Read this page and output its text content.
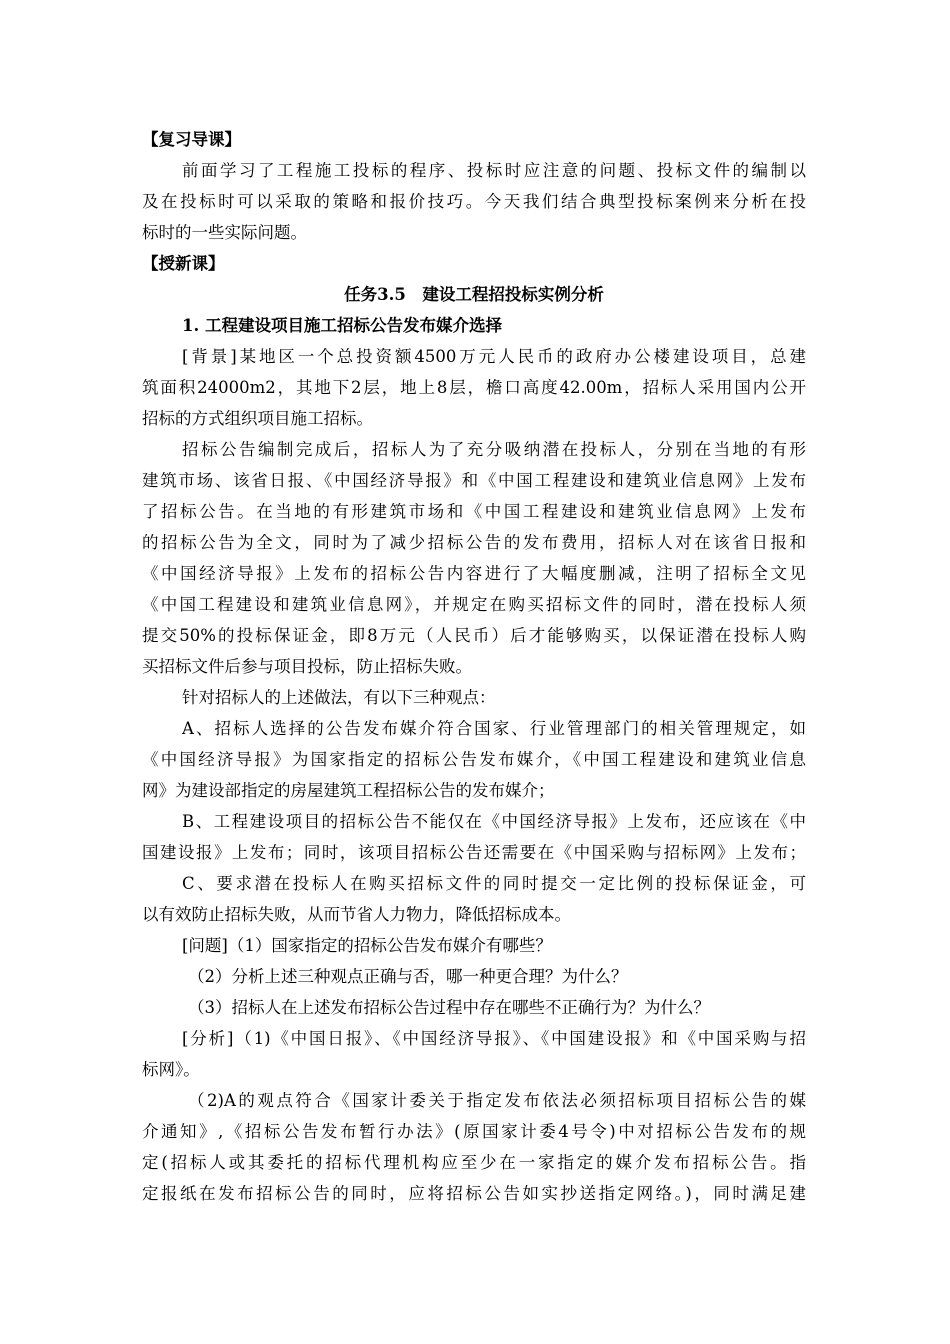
【复习导课】
前面学习了工程施工投标的程序、投标时应注意的问题、投标文件的编制以
及在投标时可以采取的策略和报价技巧。今天我们结合典型投标案例来分析在投
标时的一些实际问题。
【授新课】
任务3.5　建设工程招投标实例分析
1. 工程建设项目施工招标公告发布媒介选择
[背景]某地区一个总投资额4500万元人民币的政府办公楼建设项目，总建
筑面积24000m2，其地下2层，地上8层，檐口高度42.00m，招标人采用国内公开
招标的方式组织项目施工招标。
招标公告编制完成后，招标人为了充分吸纳潜在投标人，分别在当地的有形
建筑市场、该省日报、《中国经济导报》和《中国工程建设和建筑业信息网》上发布
了招标公告。在当地的有形建筑市场和《中国工程建设和建筑业信息网》上发布
的招标公告为全文，同时为了减少招标公告的发布费用，招标人对在该省日报和
《中国经济导报》上发布的招标公告内容进行了大幅度删减，注明了招标全文见
《中国工程建设和建筑业信息网》，并规定在购买招标文件的同时，潜在投标人须
提交50%的投标保证金，即8万元（人民币）后才能够购买，以保证潜在投标人购
买招标文件后参与项目投标，防止招标失败。
针对招标人的上述做法，有以下三种观点：
A、招标人选择的公告发布媒介符合国家、行业管理部门的相关管理规定，如
《中国经济导报》为国家指定的招标公告发布媒介，《中国工程建设和建筑业信息
网》为建设部指定的房屋建筑工程招标公告的发布媒介；
B、工程建设项目的招标公告不能仅在《中国经济导报》上发布，还应该在《中
国建设报》上发布；同时，该项目招标公告还需要在《中国采购与招标网》上发布；
C、要求潜在投标人在购买招标文件的同时提交一定比例的投标保证金，可
以有效防止招标失败，从而节省人力物力，降低招标成本。
[问题]（1）国家指定的招标公告发布媒介有哪些？
（2）分析上述三种观点正确与否，哪一种更合理？为什么？
（3）招标人在上述发布招标公告过程中存在哪些不正确行为？为什么？
[分析]（1)《中国日报》、《中国经济导报》、《中国建设报》和《中国采购与招
标网》。
（2)A的观点符合《国家计委关于指定发布依法必须招标项目招标公告的媒
介通知》,《招标公告发布暂行办法》(原国家计委4号令)中对招标公告发布的规
定(招标人或其委托的招标代理机构应至少在一家指定的媒介发布招标公告。指
定报纸在发布招标公告的同时，应将招标公告如实抄送指定网络。)，同时满足建
